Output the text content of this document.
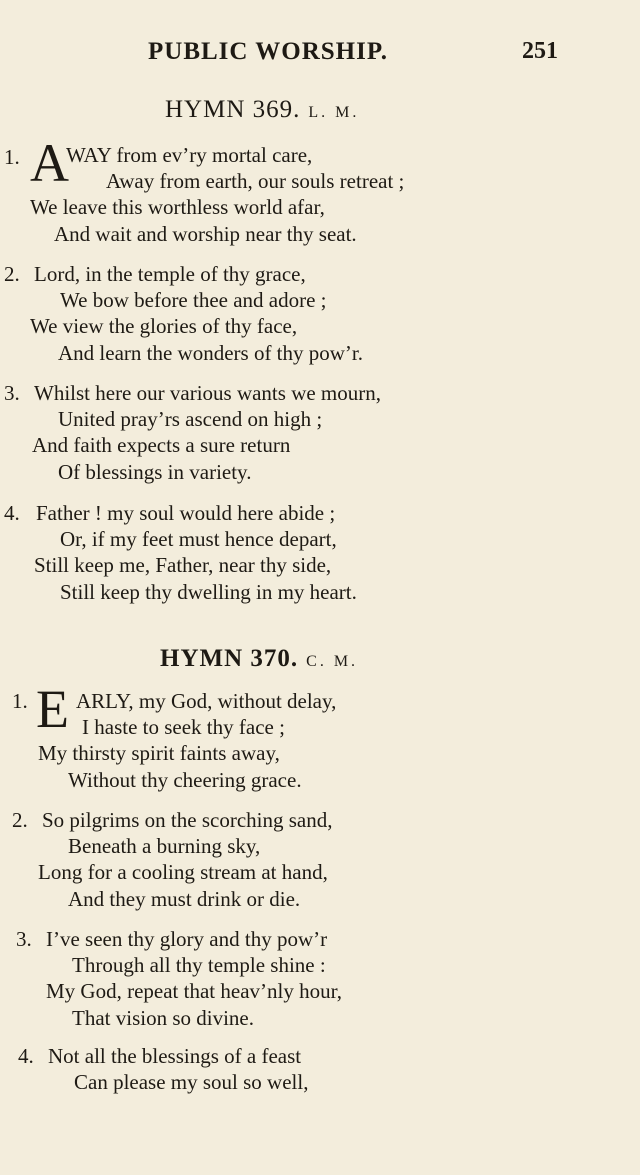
PUBLIC WORSHIP.	251
HYMN 369. L. M.
1. A
WAY from ev’ry mortal care,
Away from earth, our souls retreat ;
We leave this worthless world afar,
And wait and worship near thy seat.
2. Lord, in the temple of thy grace,
We bow before thee and adore ;
We view the glories of thy face,
And learn the wonders of thy pow’r.
3. Whilst here our various wants we mourn,
United pray’rs ascend on high ;
And faith expects a sure return
Of blessings in variety.
4. Father ! my soul would here abide ;
Or, if my feet must hence depart,
Still keep me, Father, near thy side,
Still keep thy dwelling in my heart.
HYMN 370. C. M.
1. E ARLY, my God, without delay,
I haste to seek thy face ;
My thirsty spirit faints away,
Without thy cheering grace.
2. So pilgrims on the scorching sand,
Beneath a burning sky,
Long for a cooling stream at hand,
And they must drink or die.
3. I’ve seen thy glory and thy pow’r
Through all thy temple shine :
My God, repeat that heav’nly hour,
That vision so divine.
4. Not all the blessings of a feast
Can please my soul so well,
